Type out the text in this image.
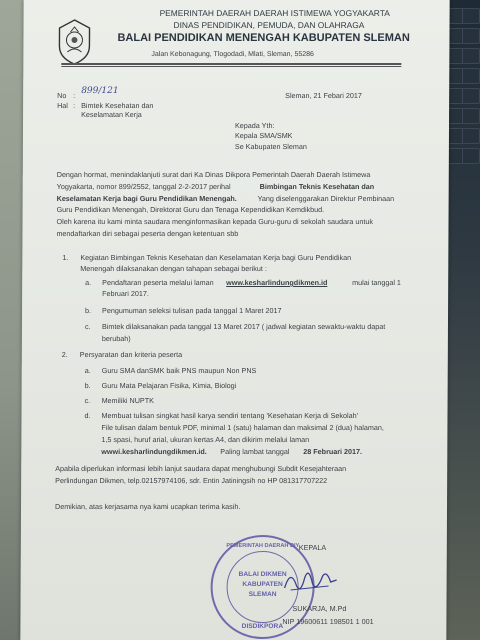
PEMERINTAH DAERAH DAERAH ISTIMEWA YOGYAKARTA
DINAS PENDIDIKAN, PEMUDA, DAN OLAHRAGA
BALAI PENDIDIKAN MENENGAH KABUPATEN SLEMAN
Jalan Kebonagung, Tlogodadi, Mlati, Sleman, 55286
No : 899/121
Hal : Bimtek Kesehatan dan
Keselamatan Kerja
Sleman, 21 Febari 2017
Kepada Yth:
Kepala SMA/SMK
Se Kabupaten Sleman
Dengan hormat, menindaklanjuti surat dari Ka Dinas Dikpora Pemerintah Daerah Daerah Istimewa
Yogyakarta, nomor 899/2552, tanggal 2-2-2017 perihal	Bimbingan Teknis Kesehatan dan
Keselamatan Kerja bagi Guru Pendidikan Menengah.	Yang diselenggarakan Direktur Pembinaan
Guru Pendidikan Menengah, Direktorat Guru dan Tenaga Kependidikan Kemdikbud.
Oleh karena itu kami minta saudara menginformasikan kepada Guru-guru di sekolah saudara untuk
mendaftarkan diri sebagai peserta dengan ketentuan sbb
1. Kegiatan Bimbingan Teknis Kesehatan dan Keselamatan Kerja bagi Guru Pendidikan
Menengah dilaksanakan dengan tahapan sebagai berikut :
a. Pendaftaran peserta melalui laman www.kesharlindungdikmen.id	mulai tanggal 1
Februari 2017.
b. Pengumuman seleksi tulisan pada tanggal 1 Maret 2017
c. Bimtek dilaksanakan pada tanggal 13 Maret 2017 ( jadwal kegiatan sewaktu-waktu dapat
berubah)
2. Persyaratan dan kriteria peserta
a. Guru SMA danSMK baik PNS maupun Non PNS
b. Guru Mata Pelajaran Fisika, Kimia, Biologi
c. Memiliki NUPTK
d. Membuat tulisan singkat hasil karya sendiri tentang 'Kesehatan Kerja di Sekolah'
File tulisan dalam bentuk PDF, minimal 1 (satu) halaman dan maksimal 2 (dua) halaman,
1,5 spasi, huruf arial, ukuran kertas A4, dan dikirim melalui laman
wwwi.kesharlindungdikmen.id. Paling lambat tanggal 28 Februari 2017.
Apabila diperlukan informasi lebih lanjut saudara dapat menghubungi Subdit Kesejahteraan
Perlindungan Dikmen, telp.02157974106, sdr. Entin Jatiningsih no HP 081317707222
Demikian, atas kerjasama nya kami ucapkan terima kasih.
PEMERINTAH DAERAH DIY
BALAI DIKMEN
KABUPATEN
SLEMAN
DISDIKPORA
KEPALA
SUKARJA, M.Pd
NIP 19600611 198501 1 001
